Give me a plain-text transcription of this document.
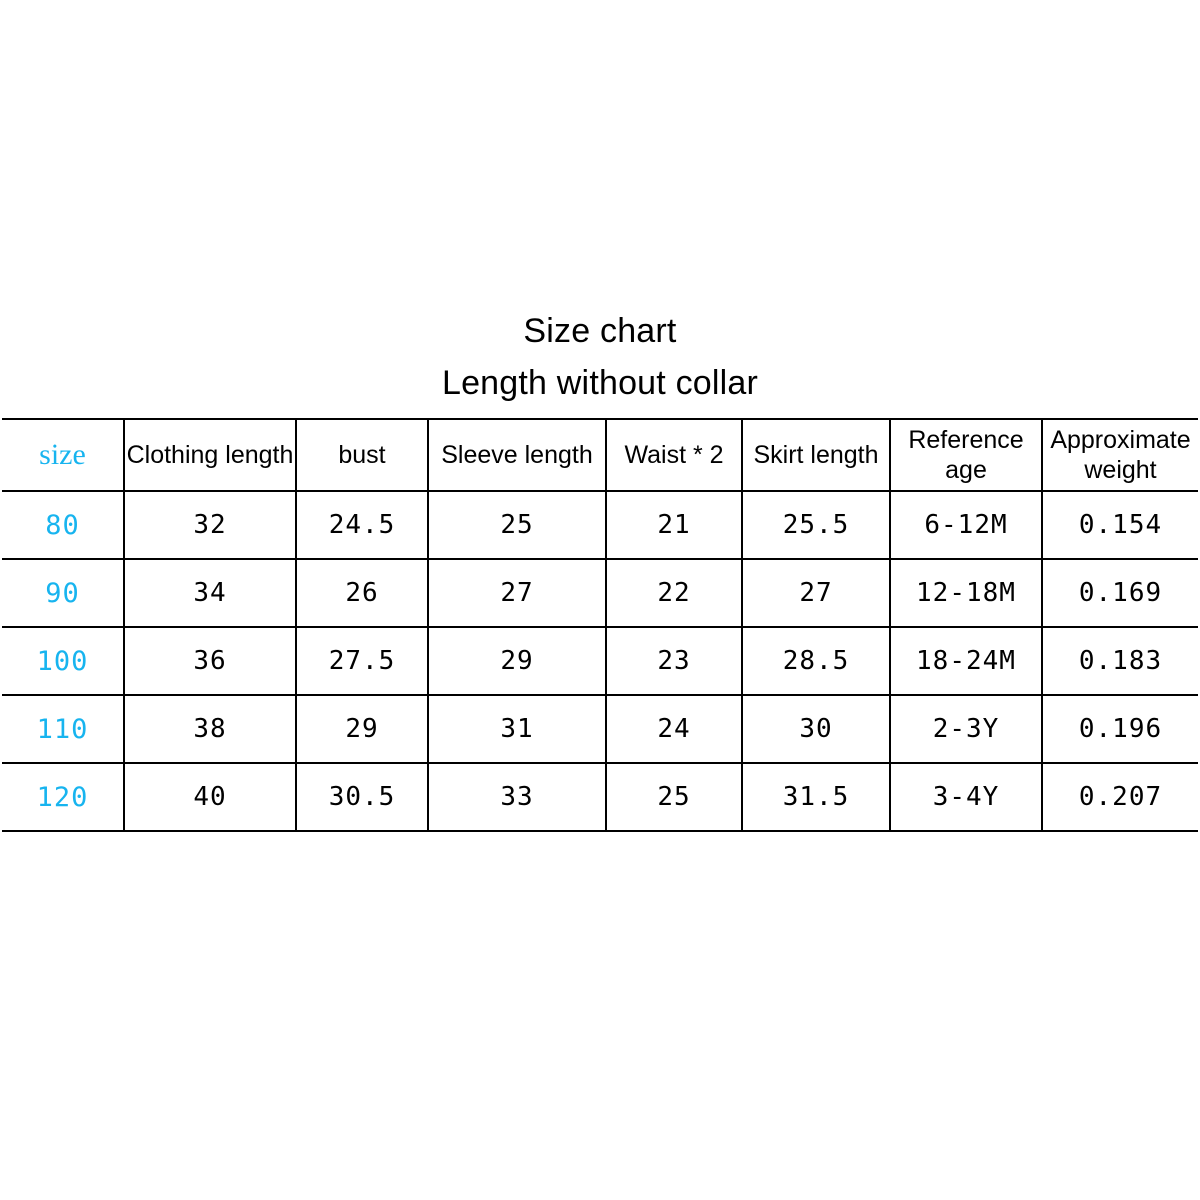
Size chart
Length without collar
size	Clothing length	bust	Sleeve length	Waist * 2	Skirt length	Reference age	Approximate weight
80	32	24.5	25	21	25.5	6-12M	0.154
90	34	26	27	22	27	12-18M	0.169
100	36	27.5	29	23	28.5	18-24M	0.183
110	38	29	31	24	30	2-3Y	0.196
120	40	30.5	33	25	31.5	3-4Y	0.207
